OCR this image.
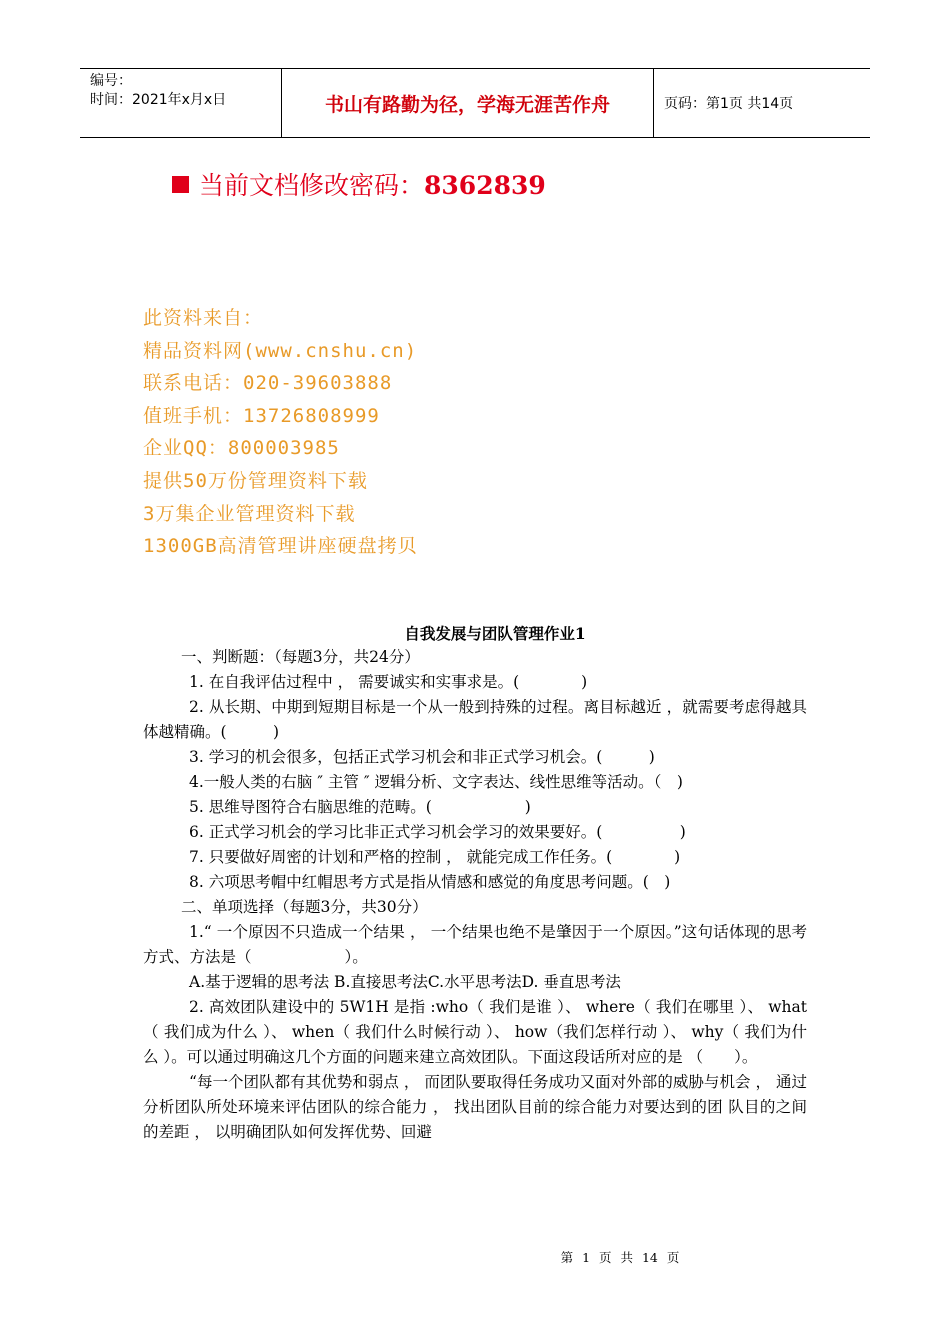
编号：
时间：2021年x月x日	书山有路勤为径，学海无涯苦作舟	页码：第1页 共14页
当前文档修改密码：8362839
此资料来自：
精品资料网(www.cnshu.cn)
联系电话：020-39603888
值班手机：13726808999
企业QQ：800003985
提供50万份管理资料下载
3万集企业管理资料下载
1300GB高清管理讲座硬盘拷贝
自我发展与团队管理作业1
一、判断题：（每题3分，共24分）
1. 在自我评估过程中 ， 需要诚实和实事求是。(　　　　)
2. 从长期、中期到短期目标是一个从一般到持殊的过程。离目标越近 ，就需要考虑得越具体越精确。(　　　)
3. 学习的机会很多，包括正式学习机会和非正式学习机会。(　　　)
4.一般人类的右脑 ″ 主管 ″ 逻辑分析、文字表达、线性思维等活动。（　)
5. 思维导图符合右脑思维的范畴。(　　　　　　)
6. 正式学习机会的学习比非正式学习机会学习的效果要好。(　　　　　)
7. 只要做好周密的计划和严格的控制 ， 就能完成工作任务。(　　　　)
8. 六项思考帽中红帽思考方式是指从情感和感觉的角度思考问题。(　)
二、单项选择（每题3分，共30分）
1.“ 一个原因不只造成一个结果 ， 一个结果也绝不是肇因于一个原因。”这句话体现的思考方式、方法是（　　　　　　）。
A.基于逻辑的思考法 B.直接思考法C.水平思考法D. 垂直思考法
2. 高效团队建设中的 5W1H 是指 :who（ 我们是谁 ）、 where（ 我们在哪里 ）、 what（ 我们成为什么 ）、 when（ 我们什么时候行动 ）、 how（我们怎样行动 ）、 why（ 我们为什么 ）。可以通过明确这几个方面的问题来建立高效团队。下面这段话所对应的是 （　　）。
“每一个团队都有其优势和弱点 ， 而团队要取得任务成功又面对外部的威胁与机会 ， 通过分析团队所处环境来评估团队的综合能力 ， 找出团队目前的综合能力对要达到的团 队目的之间的差距 ， 以明确团队如何发挥优势、回避
第 1 页 共 14 页
